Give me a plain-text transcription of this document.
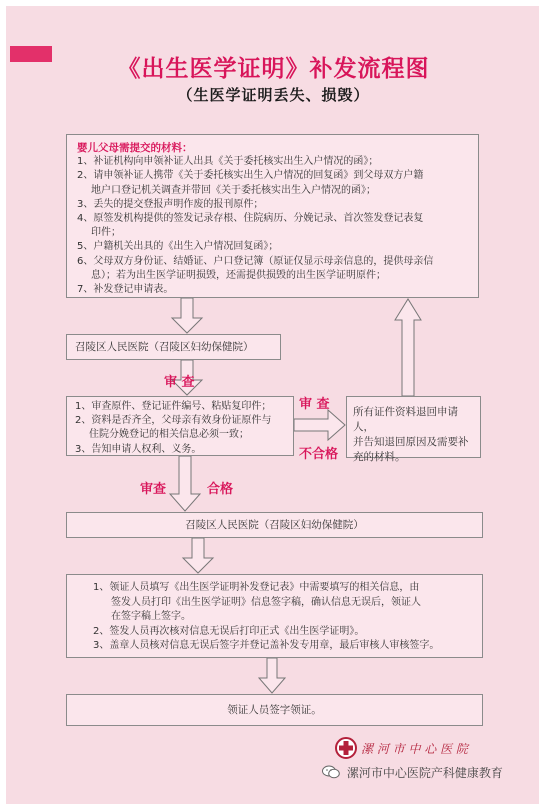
《出生医学证明》补发流程图
（生医学证明丢失、损毁）
婴儿父母需提交的材料：
1、补证机构向申领补证人出具《关于委托核实出生入户情况的函》；
2、请申领补证人携带《关于委托核实出生入户情况的回复函》到父母双方户籍
地户口登记机关调查并带回《关于委托核实出生入户情况的函》；
3、丢失的提交登报声明作废的报刊原件；
4、原签发机构提供的签发记录存根、住院病历、分娩记录、首次签发登记表复
印件；
5、户籍机关出具的《出生入户情况回复函》；
6、父母双方身份证、结婚证、户口登记簿（原证仅显示母亲信息的，提供母亲信
息）；若为出生医学证明损毁，还需提供损毁的出生医学证明原件；
7、补发登记申请表。
召陵区人民医院（召陵区妇幼保健院）
审 查
1、审查原件、登记证件编号、粘贴复印件；
2、资料是否齐全，父母亲有效身份证原件与
住院分娩登记的相关信息必须一致；
3、告知申请人权利、义务。
审 查
不合格
所有证件资料退回申请人，
并告知退回原因及需要补
充的材料。
审查	合格
召陵区人民医院（召陵区妇幼保健院）
1、领证人员填写《出生医学证明补发登记表》中需要填写的相关信息，由
签发人员打印《出生医学证明》信息签字稿，确认信息无误后，领证人
在签字稿上签字。
2、签发人员再次核对信息无误后打印正式《出生医学证明》。
3、盖章人员核对信息无误后签字并登记盖补发专用章，最后审核人审核签字。
领证人员签字领证。
漯 河 市 中 心 医 院
漯河市中心医院产科健康教育
